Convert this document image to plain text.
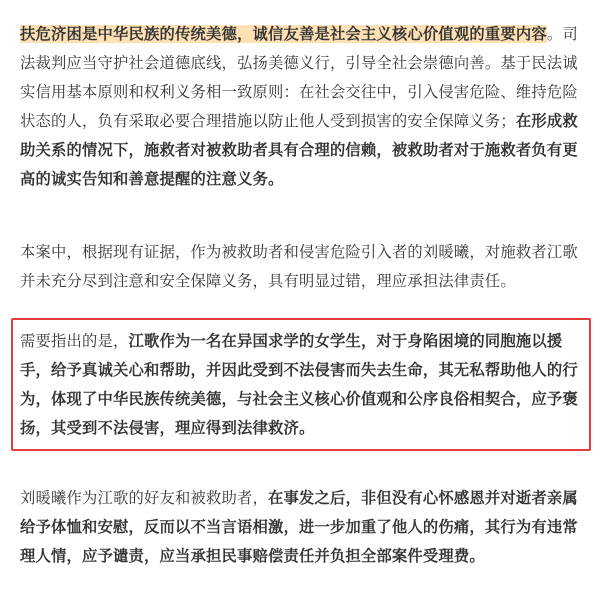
扶危济困是中华民族的传统美德，诚信友善是社会主义核心价值观的重要内容。司法裁判应当守护社会道德底线，弘扬美德义行，引导全社会崇德向善。基于民法诚实信用基本原则和权利义务相一致原则：在社会交往中，引入侵害危险、维持危险状态的人，负有采取必要合理措施以防止他人受到损害的安全保障义务；在形成救助关系的情况下，施救者对被救助者具有合理的信赖，被救助者对于施救者负有更高的诚实告知和善意提醒的注意义务。

本案中，根据现有证据，作为被救助者和侵害危险引入者的刘暖曦，对施救者江歌并未充分尽到注意和安全保障义务，具有明显过错，理应承担法律责任。

需要指出的是，江歌作为一名在异国求学的女学生，对于身陷困境的同胞施以援手，给予真诚关心和帮助，并因此受到不法侵害而失去生命，其无私帮助他人的行为，体现了中华民族传统美德，与社会主义核心价值观和公序良俗相契合，应予褒扬，其受到不法侵害，理应得到法律救济。

刘暖曦作为江歌的好友和被救助者，在事发之后，非但没有心怀感恩并对逝者亲属给予体恤和安慰，反而以不当言语相激，进一步加重了他人的伤痛，其行为有违常理人情，应予谴责，应当承担民事赔偿责任并负担全部案件受理费。
